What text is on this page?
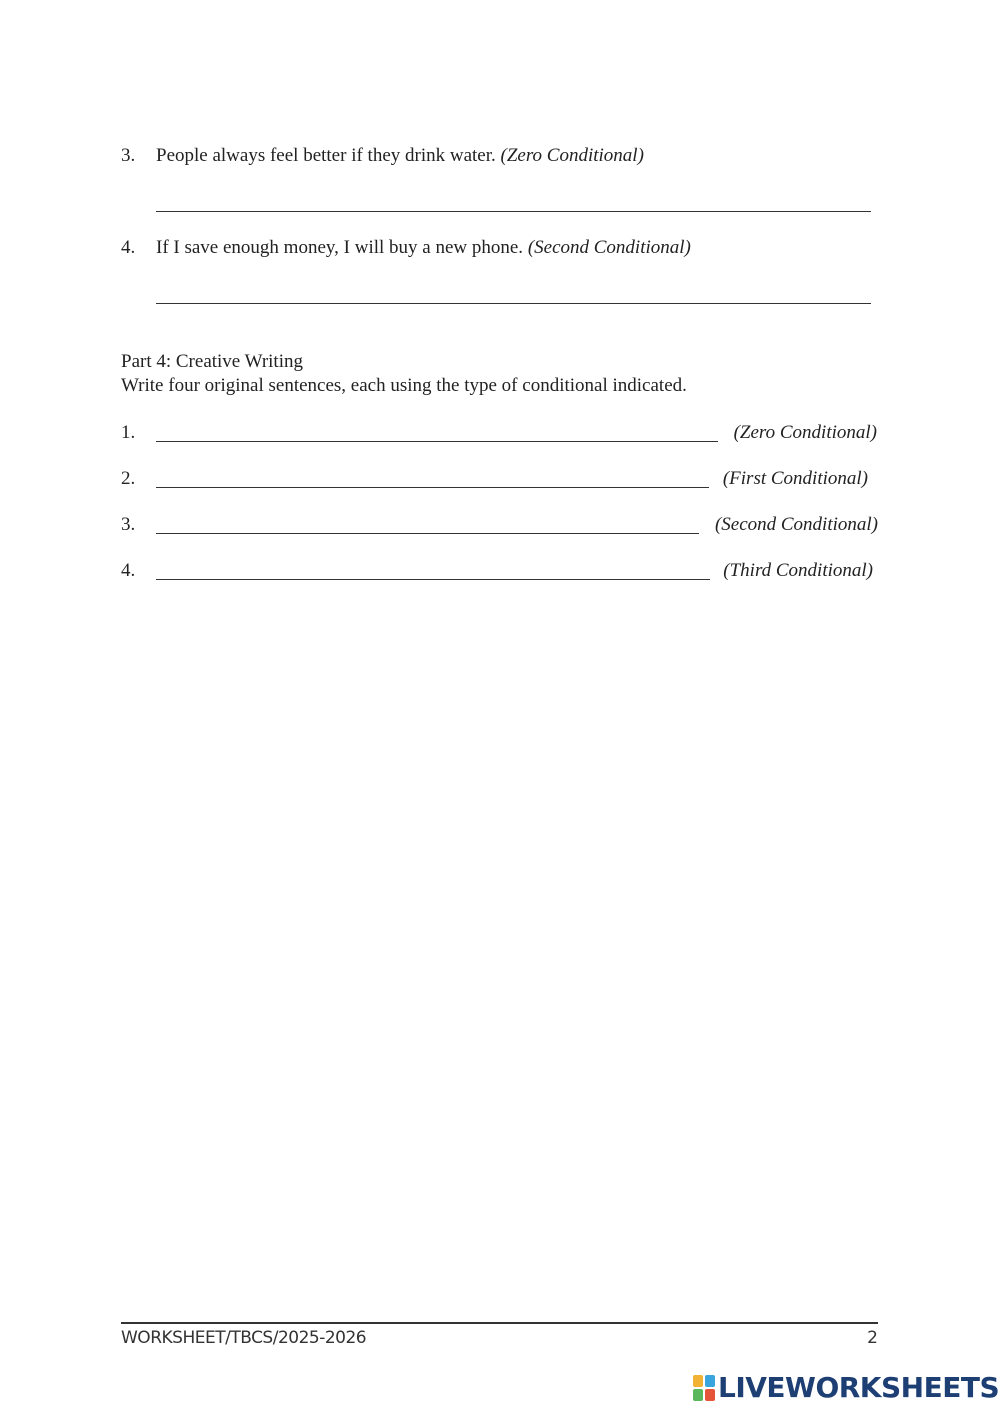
3. People always feel better if they drink water. (Zero Conditional)
4. If I save enough money, I will buy a new phone. (Second Conditional)
Part 4: Creative Writing
Write four original sentences, each using the type of conditional indicated.
1.	(Zero Conditional)
2.	(First Conditional)
3.	(Second Conditional)
4.	(Third Conditional)
WORKSHEET/TBCS/2025-2026	2
LIVEWORKSHEETS
